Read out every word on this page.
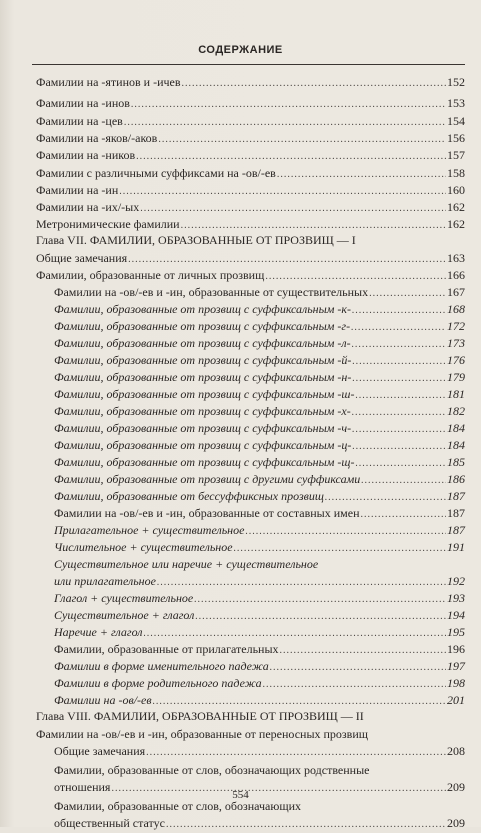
СОДЕРЖАНИЕ
Фамилии на -ятинов и -ичев .....	152
Фамилии на -инов .....	153
Фамилии на -цев .....	154
Фамилии на -яков/-аков .....	156
Фамилии на -ников .....	157
Фамилии с различными суффиксами на -ов/-ев .....	158
Фамилии на -ин .....	160
Фамилии на -их/-ых .....	162
Метронимические фамилии .....	162
Глава VII. ФАМИЛИИ, ОБРАЗОВАННЫЕ ОТ ПРОЗВИЩ — I
Общие замечания .....	163
Фамилии, образованные от личных прозвищ .....	166
Фамилии на -ов/-ев и -ин, образованные от существительных .....	167
Фамилии, образованные от прозвищ с суффиксальным -к- .....	168
Фамилии, образованные от прозвищ с суффиксальным -г- .....	172
Фамилии, образованные от прозвищ с суффиксальным -л- .....	173
Фамилии, образованные от прозвищ с суффиксальным -й- .....	176
Фамилии, образованные от прозвищ с суффиксальным -н- .....	179
Фамилии, образованные от прозвищ с суффиксальным -ш- .....	181
Фамилии, образованные от прозвищ с суффиксальным -х- .....	182
Фамилии, образованные от прозвищ с суффиксальным -ч- .....	184
Фамилии, образованные от прозвищ с суффиксальным -ц- .....	184
Фамилии, образованные от прозвищ с суффиксальным -щ- .....	185
Фамилии, образованные от прозвищ с другими суффиксами .....	186
Фамилии, образованные от бессуффиксных прозвищ .....	187
Фамилии на -ов/-ев и -ин, образованные от составных имен .....	187
Прилагательное + существительное .....	187
Числительное + существительное .....	191
Существительное или наречие + существительное
или прилагательное .....	192
Глагол + существительное .....	193
Существительное + глагол .....	194
Наречие + глагол .....	195
Фамилии, образованные от прилагательных .....	196
Фамилии в форме именительного падежа .....	197
Фамилии в форме родительного падежа .....	198
Фамилии на -ов/-ев .....	201
Глава VIII. ФАМИЛИИ, ОБРАЗОВАННЫЕ ОТ ПРОЗВИЩ — II
Фамилии на -ов/-ев и -ин, образованные от переносных прозвищ
Общие замечания .....	208
Фамилии, образованные от слов, обозначающих родственные
отношения .....	209
Фамилии, образованные от слов, обозначающих
общественный статус .....	209
554
